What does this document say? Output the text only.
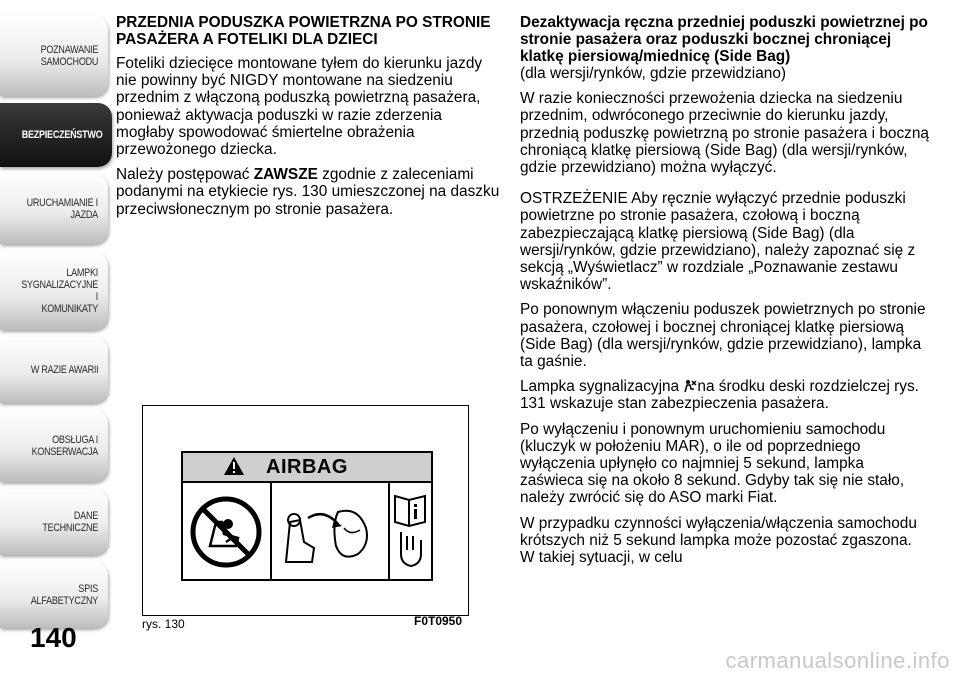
POZNAWANIE
SAMOCHODU
BEZPIECZEŃSTWO
URUCHAMIANIE I
JAZDA
LAMPKI
SYGNALIZACYJNE I
KOMUNIKATY
W RAZIE AWARII
OBSŁUGA I
KONSERWACJA
DANE TECHNICZNE
SPIS ALFABETYCZNY
140
PRZEDNIA PODUSZKA POWIETRZNA PO STRONIE PASAŻERA A FOTELIKI DLA DZIECI

Foteliki dziecięce montowane tyłem do kierunku jazdy nie powinny być NIGDY montowane na siedzeniu przednim z włączoną poduszką powietrzną pasażera, ponieważ aktywacja poduszki w razie zderzenia mogłaby spowodować śmiertelne obrażenia przewożonego dziecka.

Należy postępować ZAWSZE zgodnie z zaleceniami podanymi na etykiecie rys. 130 umieszczonej na daszku przeciwsłonecznym po stronie pasażera.

AIRBAG
rys. 130	F0T0950
Dezaktywacja ręczna przedniej poduszki powietrznej po stronie pasażera oraz poduszki bocznej chroniącej klatkę piersiową/miednicę (Side Bag)

(dla wersji/rynków, gdzie przewidziano)

W razie konieczności przewożenia dziecka na siedzeniu przednim, odwróconego przeciwnie do kierunku jazdy, przednią poduszkę powietrzną po stronie pasażera i boczną chroniącą klatkę piersiową (Side Bag) (dla wersji/rynków, gdzie przewidziano) można wyłączyć.

OSTRZEŻENIE Aby ręcznie wyłączyć przednie poduszki powietrzne po stronie pasażera, czołową i boczną zabezpieczającą klatkę piersiową (Side Bag) (dla wersji/rynków, gdzie przewidziano), należy zapoznać się z sekcją „Wyświetlacz” w rozdziale „Poznawanie zestawu wskaźników”.

Po ponownym włączeniu poduszek powietrznych po stronie pasażera, czołowej i bocznej chroniącej klatkę piersiową (Side Bag) (dla wersji/rynków, gdzie przewidziano), lampka ta gaśnie.

Lampka sygnalizacyjna na środku deski rozdzielczej rys. 131 wskazuje stan zabezpieczenia pasażera.

Po wyłączeniu i ponownym uruchomieniu samochodu (kluczyk w położeniu MAR), o ile od poprzedniego wyłączenia upłynęło co najmniej 5 sekund, lampka zaświeca się na około 8 sekund. Gdyby tak się nie stało, należy zwrócić się do ASO marki Fiat.

W przypadku czynności wyłączenia/włączenia samochodu krótszych niż 5 sekund lampka może pozostać zgaszona. W takiej sytuacji, w celu

carmanualsonline.info
